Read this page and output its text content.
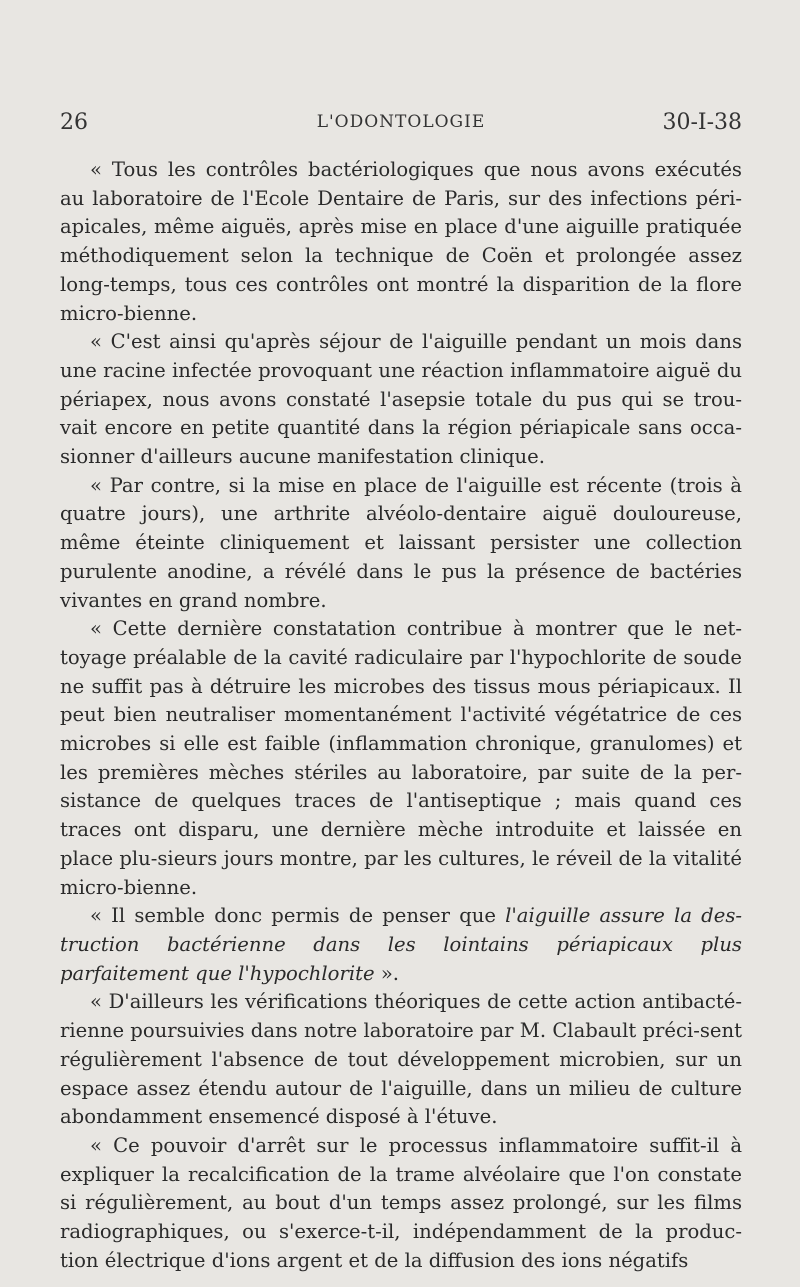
26	L'ODONTOLOGIE	30-I-38

« Tous les contrôles bactériologiques que nous avons exécutés au laboratoire de l'Ecole Dentaire de Paris, sur des infections péri-apicales, même aiguës, après mise en place d'une aiguille pratiquée méthodiquement selon la technique de Coën et prolongée assez long-temps, tous ces contrôles ont montré la disparition de la flore micro-bienne.

« C'est ainsi qu'après séjour de l'aiguille pendant un mois dans une racine infectée provoquant une réaction inflammatoire aiguë du périapex, nous avons constaté l'asepsie totale du pus qui se trou-vait encore en petite quantité dans la région périapicale sans occa-sionner d'ailleurs aucune manifestation clinique.

« Par contre, si la mise en place de l'aiguille est récente (trois à quatre jours), une arthrite alvéolo-dentaire aiguë douloureuse, même éteinte cliniquement et laissant persister une collection purulente anodine, a révélé dans le pus la présence de bactéries vivantes en grand nombre.

« Cette dernière constatation contribue à montrer que le net-toyage préalable de la cavité radiculaire par l'hypochlorite de soude ne suffit pas à détruire les microbes des tissus mous périapicaux. Il peut bien neutraliser momentanément l'activité végétatrice de ces microbes si elle est faible (inflammation chronique, granulomes) et les premières mèches stériles au laboratoire, par suite de la per-sistance de quelques traces de l'antiseptique ; mais quand ces traces ont disparu, une dernière mèche introduite et laissée en place plu-sieurs jours montre, par les cultures, le réveil de la vitalité micro-bienne.

« Il semble donc permis de penser que l'aiguille assure la des-truction bactérienne dans les lointains périapicaux plus parfaitement que l'hypochlorite ».

« D'ailleurs les vérifications théoriques de cette action antibacté-rienne poursuivies dans notre laboratoire par M. Clabault préci-sent régulièrement l'absence de tout développement microbien, sur un espace assez étendu autour de l'aiguille, dans un milieu de culture abondamment ensemencé disposé à l'étuve.

« Ce pouvoir d'arrêt sur le processus inflammatoire suffit-il à expliquer la recalcification de la trame alvéolaire que l'on constate si régulièrement, au bout d'un temps assez prolongé, sur les films radiographiques, ou s'exerce-t-il, indépendamment de la produc-tion électrique d'ions argent et de la diffusion des ions négatifs
